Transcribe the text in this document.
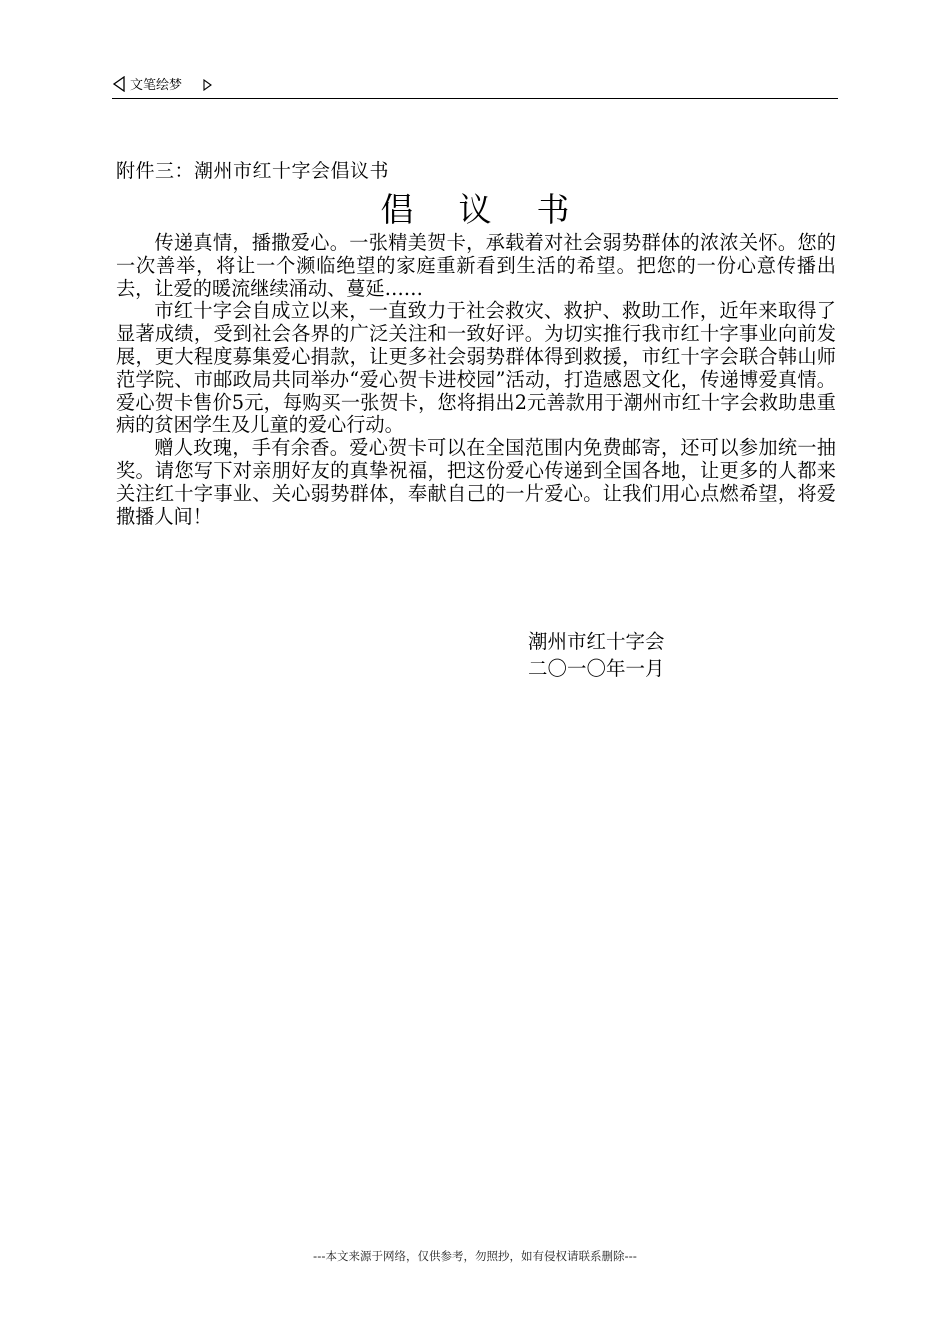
文笔绘梦
附件三：潮州市红十字会倡议书
倡议书

传递真情，播撒爱心。一张精美贺卡，承载着对社会弱势群体的浓浓关怀。您的一次善举，将让一个濒临绝望的家庭重新看到生活的希望。把您的一份心意传播出去，让爱的暖流继续涌动、蔓延……

市红十字会自成立以来，一直致力于社会救灾、救护、救助工作，近年来取得了显著成绩，受到社会各界的广泛关注和一致好评。为切实推行我市红十字事业向前发展，更大程度募集爱心捐款，让更多社会弱势群体得到救援，市红十字会联合韩山师范学院、市邮政局共同举办“爱心贺卡进校园”活动，打造感恩文化，传递博爱真情。爱心贺卡售价5元，每购买一张贺卡，您将捐出2元善款用于潮州市红十字会救助患重病的贫困学生及儿童的爱心行动。

赠人玫瑰，手有余香。爱心贺卡可以在全国范围内免费邮寄，还可以参加统一抽奖。请您写下对亲朋好友的真挚祝福，把这份爱心传递到全国各地，让更多的人都来关注红十字事业、关心弱势群体，奉献自己的一片爱心。让我们用心点燃希望，将爱撒播人间！

潮州市红十字会
二〇一〇年一月
---本文来源于网络，仅供参考，勿照抄，如有侵权请联系删除---
